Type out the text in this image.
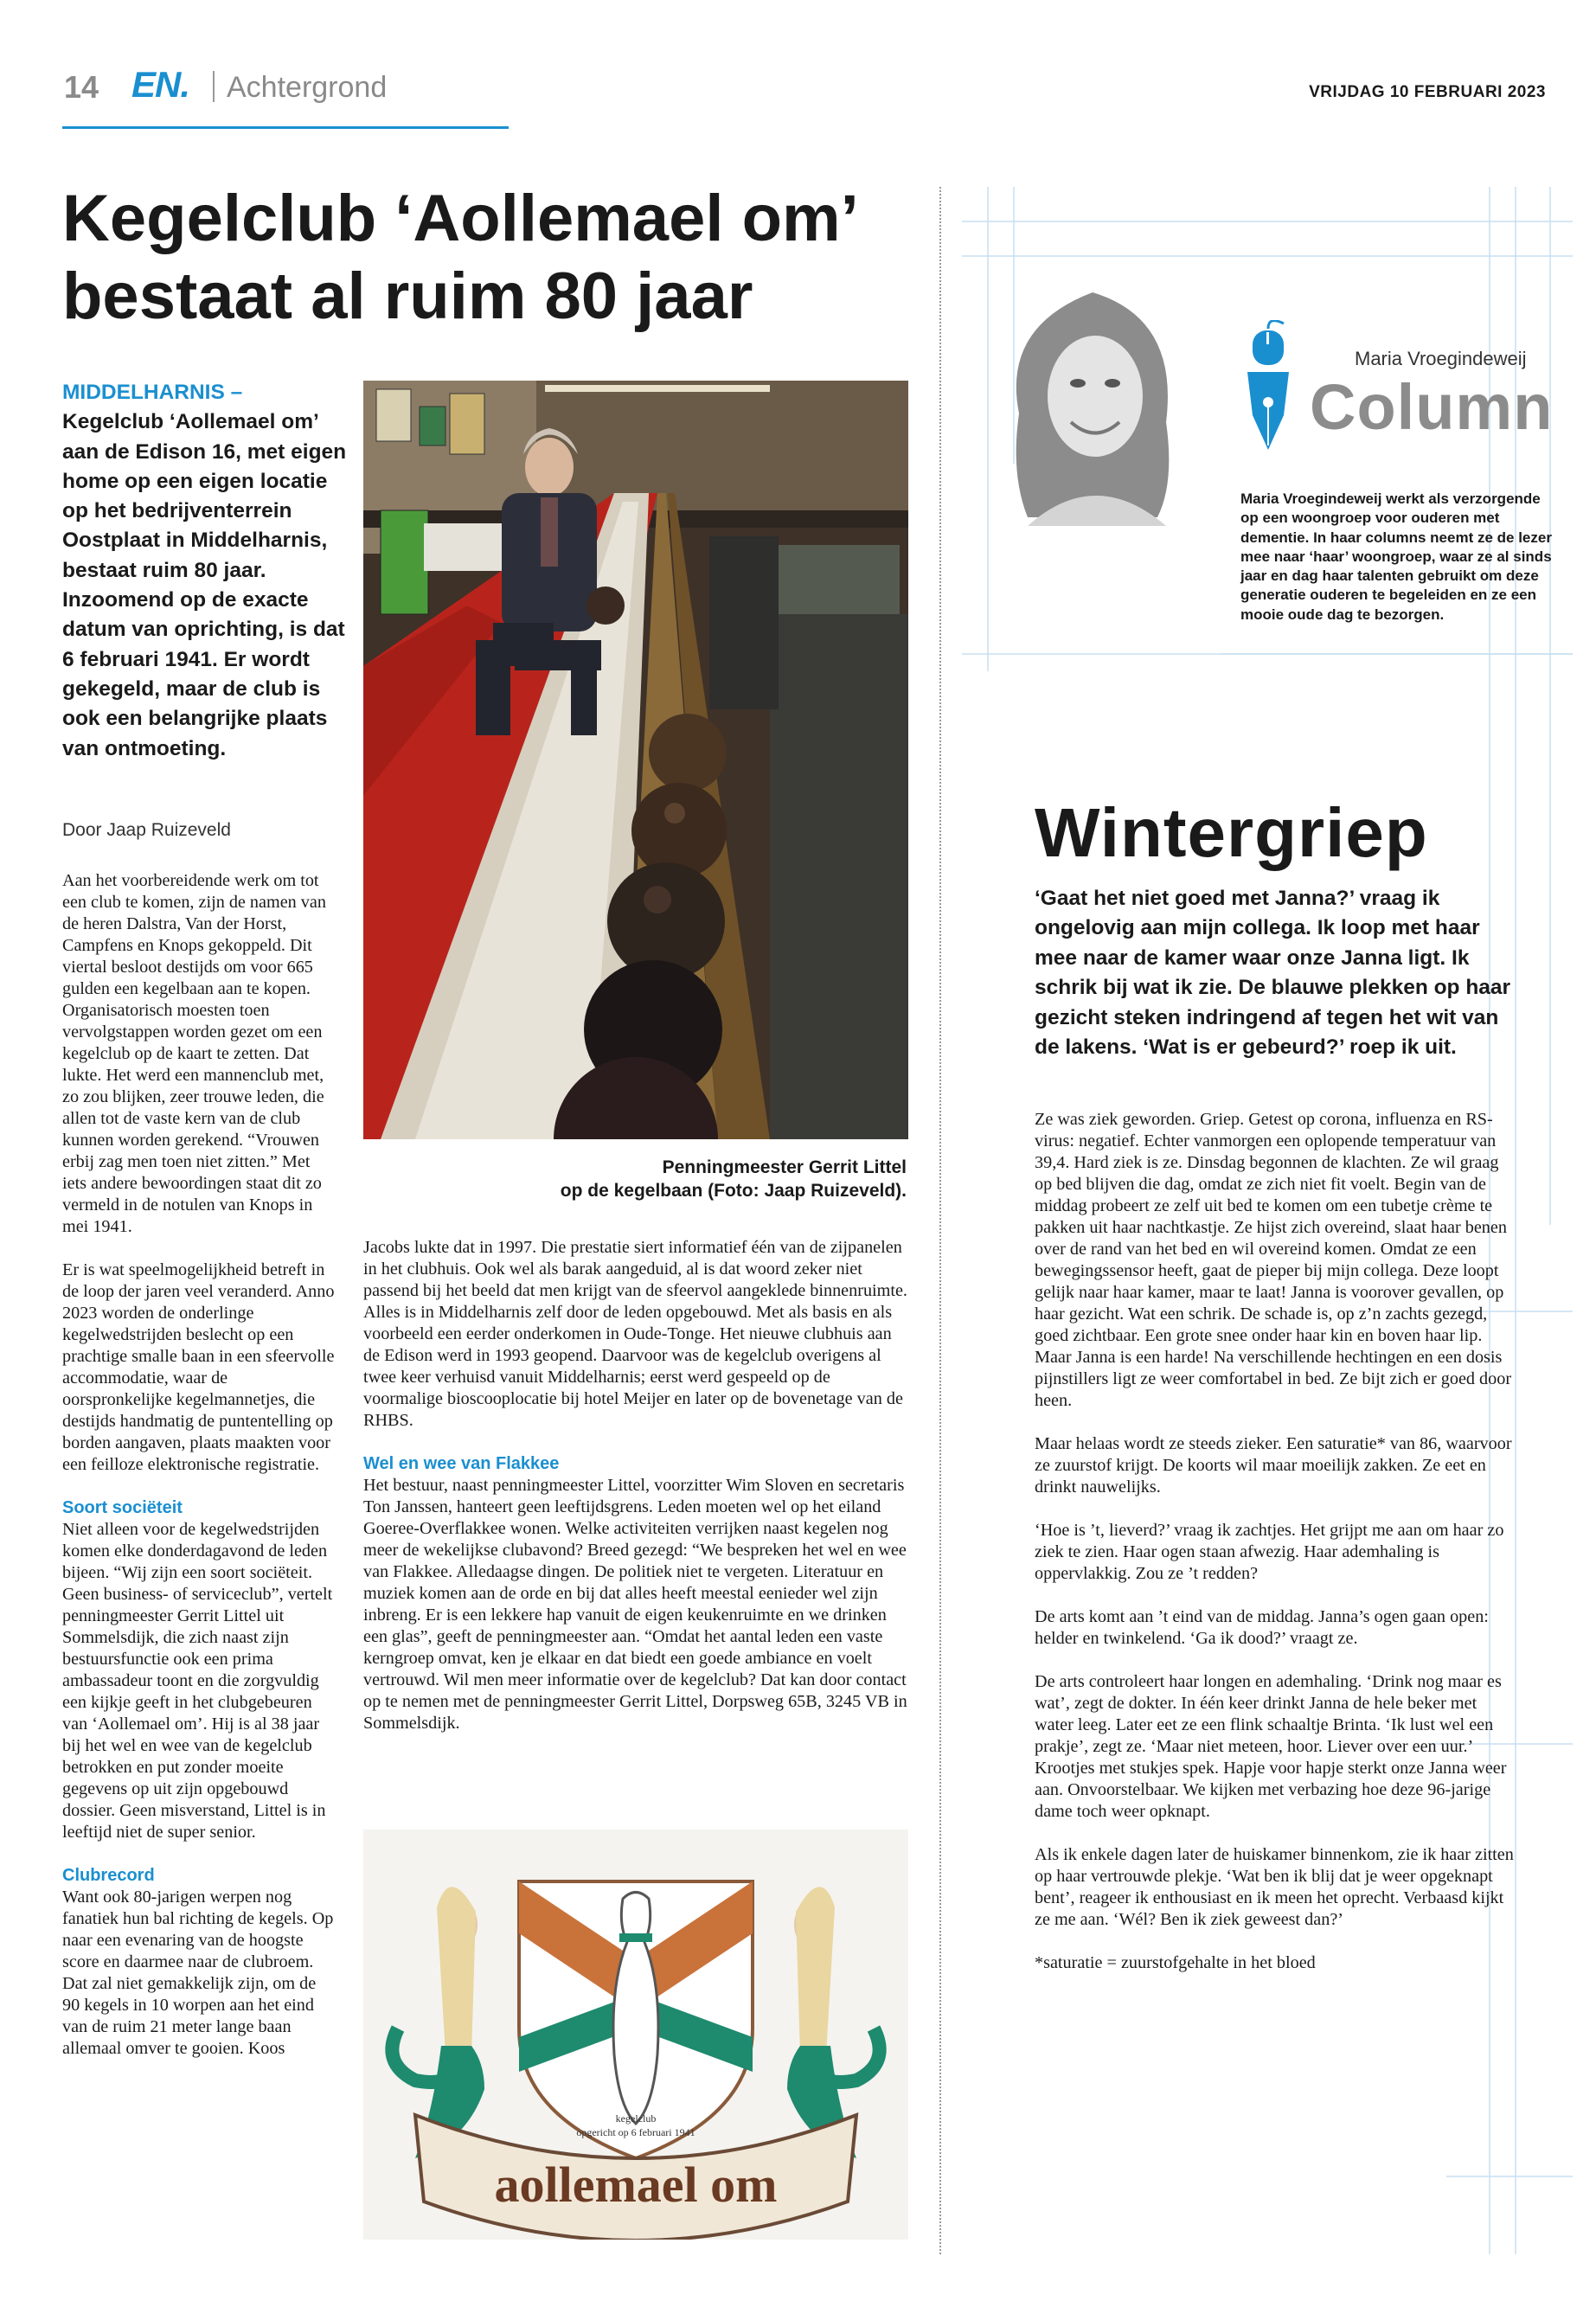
14 EN. Achtergrond	VRIJDAG 10 FEBRUARI 2023
Kegelclub ‘Aollemael om’
bestaat al ruim 80 jaar
MIDDELHARNIS – Kegelclub ‘Aollemael om’ aan de Edison 16, met eigen home op een eigen locatie op het bedrijventerrein Oostplaat in Middelharnis, bestaat ruim 80 jaar. Inzoomend op de exacte datum van oprichting, is dat 6 februari 1941. Er wordt gekegeld, maar de club is ook een belangrijke plaats van ontmoeting.
Door Jaap Ruizeveld

Aan het voorbereidende werk om tot een club te komen, zijn de namen van de heren Dalstra, Van der Horst, Campfens en Knops gekoppeld. Dit viertal besloot destijds om voor 665 gulden een kegelbaan aan te kopen. Organisatorisch moesten toen vervolgstappen worden gezet om een kegelclub op de kaart te zetten. Dat lukte. Het werd een mannenclub met, zo zou blijken, zeer trouwe leden, die allen tot de vaste kern van de club kunnen worden gerekend. “Vrouwen erbij zag men toen niet zitten.” Met iets andere bewoordingen staat dit zo vermeld in de notulen van Knops in mei 1941.

Er is wat speelmogelijkheid betreft in de loop der jaren veel veranderd. Anno 2023 worden de onderlinge kegelwedstrijden beslecht op een prachtige smalle baan in een sfeervolle accommodatie, waar de oorspronkelijke kegelmannetjes, die destijds handmatig de puntentelling op borden aangaven, plaats maakten voor een feilloze elektronische registratie.

Soort sociëteit

Niet alleen voor de kegelwedstrijden komen elke donderdagavond de leden bijeen. “Wij zijn een soort sociëteit. Geen business- of serviceclub”, vertelt penningmeester Gerrit Littel uit Sommelsdijk, die zich naast zijn bestuursfunctie ook een prima ambassadeur toont en die zorgvuldig een kijkje geeft in het clubgebeuren van ‘Aollemael om’. Hij is al 38 jaar bij het wel en wee van de kegelclub betrokken en put zonder moeite gegevens op uit zijn opgebouwd dossier. Geen misverstand, Littel is in leeftijd niet de super senior.

Clubrecord

Want ook 80-jarigen werpen nog fanatiek hun bal richting de kegels. Op naar een evenaring van de hoogste score en daarmee naar de clubroem. Dat zal niet gemakkelijk zijn, om de 90 kegels in 10 worpen aan het eind van de ruim 21 meter lange baan allemaal omver te gooien. Koos

Penningmeester Gerrit Littel
op de kegelbaan (Foto: Jaap Ruizeveld).

Jacobs lukte dat in 1997. Die prestatie siert informatief één van de zijpanelen in het clubhuis. Ook wel als barak aangeduid, al is dat woord zeker niet passend bij het beeld dat men krijgt van de sfeervol aangeklede binnenruimte. Alles is in Middelharnis zelf door de leden opgebouwd. Met als basis en als voorbeeld een eerder onderkomen in Oude-Tonge. Het nieuwe clubhuis aan de Edison werd in 1993 geopend. Daarvoor was de kegelclub overigens al twee keer verhuisd vanuit Middelharnis; eerst werd gespeeld op de voormalige bioscooplocatie bij hotel Meijer en later op de bovenetage van de RHBS.

Wel en wee van Flakkee

Het bestuur, naast penningmeester Littel, voorzitter Wim Sloven en secretaris Ton Janssen, hanteert geen leeftijdsgrens. Leden moeten wel op het eiland Goeree-Overflakkee wonen. Welke activiteiten verrijken naast kegelen nog meer de wekelijkse clubavond? Breed gezegd: “We bespreken het wel en wee van Flakkee. Alledaagse dingen. De politiek niet te vergeten. Literatuur en muziek komen aan de orde en bij dat alles heeft meestal eenieder wel zijn inbreng. Er is een lekkere hap vanuit de eigen keukenruimte en we drinken een glas”, geeft de penningmeester aan. “Omdat het aantal leden een vaste kerngroep omvat, ken je elkaar en dat biedt een goede ambiance en voelt vertrouwd. Wil men meer informatie over de kegelclub? Dat kan door contact op te nemen met de penningmeester Gerrit Littel, Dorpsweg 65B, 3245 VB in Sommelsdijk.

kegelclub
opgericht op 6 februari 1941
aollemael om
Maria Vroegindeweij
Column
Maria Vroegindeweij werkt als verzorgende op een woongroep voor ouderen met dementie. In haar columns neemt ze de lezer mee naar ‘haar’ woongroep, waar ze al sinds jaar en dag haar talenten gebruikt om deze generatie ouderen te begeleiden en ze een mooie oude dag te bezorgen.
Wintergriep
‘Gaat het niet goed met Janna?’ vraag ik ongelovig aan mijn collega. Ik loop met haar mee naar de kamer waar onze Janna ligt. Ik schrik bij wat ik zie. De blauwe plekken op haar gezicht steken indringend af tegen het wit van de lakens. ‘Wat is er gebeurd?’ roep ik uit.

Ze was ziek geworden. Griep. Getest op corona, influenza en RS-virus: negatief. Echter vanmorgen een oplopende temperatuur van 39,4. Hard ziek is ze. Dinsdag begonnen de klachten. Ze wil graag op bed blijven die dag, omdat ze zich niet fit voelt. Begin van de middag probeert ze zelf uit bed te komen om een tubetje crème te pakken uit haar nachtkastje. Ze hijst zich overeind, slaat haar benen over de rand van het bed en wil overeind komen. Omdat ze een bewegingssensor heeft, gaat de pieper bij mijn collega. Deze loopt gelijk naar haar kamer, maar te laat! Janna is voorover gevallen, op haar gezicht. Wat een schrik. De schade is, op z’n zachts gezegd, goed zichtbaar. Een grote snee onder haar kin en boven haar lip. Maar Janna is een harde! Na verschillende hechtingen en een dosis pijnstillers ligt ze weer comfortabel in bed. Ze bijt zich er goed door heen.

Maar helaas wordt ze steeds zieker. Een saturatie* van 86, waarvoor ze zuurstof krijgt. De koorts wil maar moeilijk zakken. Ze eet en drinkt nauwelijks.

‘Hoe is ’t, lieverd?’ vraag ik zachtjes. Het grijpt me aan om haar zo ziek te zien. Haar ogen staan afwezig. Haar ademhaling is oppervlakkig. Zou ze ’t redden?

De arts komt aan ’t eind van de middag. Janna’s ogen gaan open: helder en twinkelend. ‘Ga ik dood?’ vraagt ze.

De arts controleert haar longen en ademhaling. ‘Drink nog maar es wat’, zegt de dokter. In één keer drinkt Janna de hele beker met water leeg. Later eet ze een flink schaaltje Brinta. ‘Ik lust wel een prakje’, zegt ze. ‘Maar niet meteen, hoor. Liever over een uur.’ Krootjes met stukjes spek. Hapje voor hapje sterkt onze Janna weer aan. Onvoorstelbaar. We kijken met verbazing hoe deze 96-jarige dame toch weer opknapt.

Als ik enkele dagen later de huiskamer binnenkom, zie ik haar zitten op haar vertrouwde plekje. ‘Wat ben ik blij dat je weer opgeknapt bent’, reageer ik enthousiast en ik meen het oprecht. Verbaasd kijkt ze me aan. ‘Wél? Ben ik ziek geweest dan?’

*saturatie = zuurstofgehalte in het bloed
